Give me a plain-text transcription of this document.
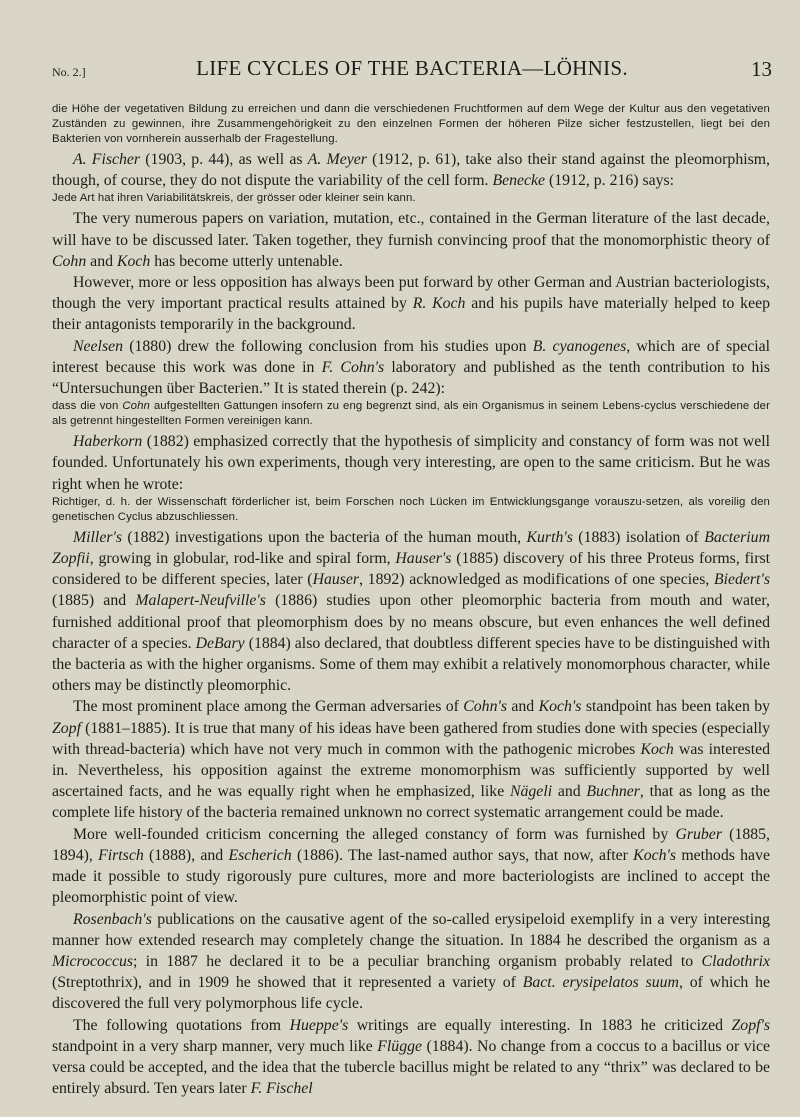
No. 2.]	LIFE CYCLES OF THE BACTERIA—LÖHNIS.	13

die Höhe der vegetativen Bildung zu erreichen und dann die verschiedenen Fruchtformen auf dem Wege der Kultur aus den vegetativen Zuständen zu gewinnen, ihre Zusammengehörigkeit zu den einzelnen Formen der höheren Pilze sicher festzustellen, liegt bei den Bakterien von vornherein ausserhalb der Fragestellung.

A. Fischer (1903, p. 44), as well as A. Meyer (1912, p. 61), take also their stand against the pleomorphism, though, of course, they do not dispute the variability of the cell form. Benecke (1912, p. 216) says:

Jede Art hat ihren Variabilitätskreis, der grösser oder kleiner sein kann.

The very numerous papers on variation, mutation, etc., contained in the German literature of the last decade, will have to be discussed later. Taken together, they furnish convincing proof that the monomorphistic theory of Cohn and Koch has become utterly untenable.

However, more or less opposition has always been put forward by other German and Austrian bacteriologists, though the very important practical results attained by R. Koch and his pupils have materially helped to keep their antagonists temporarily in the background.

Neelsen (1880) drew the following conclusion from his studies upon B. cyanogenes, which are of special interest because this work was done in F. Cohn's laboratory and published as the tenth contribution to his “Untersuchungen über Bacterien.” It is stated therein (p. 242):

dass die von Cohn aufgestellten Gattungen insofern zu eng begrenzt sind, als ein Organismus in seinem Lebens-cyclus verschiedene der als getrennt hingestellten Formen vereinigen kann.

Haberkorn (1882) emphasized correctly that the hypothesis of simplicity and constancy of form was not well founded. Unfortunately his own experiments, though very interesting, are open to the same criticism. But he was right when he wrote:

Richtiger, d. h. der Wissenschaft förderlicher ist, beim Forschen noch Lücken im Entwicklungsgange vorauszu-setzen, als voreilig den genetischen Cyclus abzuschliessen.

Miller's (1882) investigations upon the bacteria of the human mouth, Kurth's (1883) isolation of Bacterium Zopfii, growing in globular, rod-like and spiral form, Hauser's (1885) discovery of his three Proteus forms, first considered to be different species, later (Hauser, 1892) acknowledged as modifications of one species, Biedert's (1885) and Malapert-Neufville's (1886) studies upon other pleomorphic bacteria from mouth and water, furnished additional proof that pleomorphism does by no means obscure, but even enhances the well defined character of a species. DeBary (1884) also declared, that doubtless different species have to be distinguished with the bacteria as with the higher organisms. Some of them may exhibit a relatively monomorphous character, while others may be distinctly pleomorphic.

The most prominent place among the German adversaries of Cohn's and Koch's standpoint has been taken by Zopf (1881–1885). It is true that many of his ideas have been gathered from studies done with species (especially with thread-bacteria) which have not very much in common with the pathogenic microbes Koch was interested in. Nevertheless, his opposition against the extreme monomorphism was sufficiently supported by well ascertained facts, and he was equally right when he emphasized, like Nägeli and Buchner, that as long as the complete life history of the bacteria remained unknown no correct systematic arrangement could be made.

More well-founded criticism concerning the alleged constancy of form was furnished by Gruber (1885, 1894), Firtsch (1888), and Escherich (1886). The last-named author says, that now, after Koch's methods have made it possible to study rigorously pure cultures, more and more bacteriologists are inclined to accept the pleomorphistic point of view.

Rosenbach's publications on the causative agent of the so-called erysipeloid exemplify in a very interesting manner how extended research may completely change the situation. In 1884 he described the organism as a Micrococcus; in 1887 he declared it to be a peculiar branching organism probably related to Cladothrix (Streptothrix), and in 1909 he showed that it represented a variety of Bact. erysipelatos suum, of which he discovered the full very polymorphous life cycle.

The following quotations from Hueppe's writings are equally interesting. In 1883 he criticized Zopf's standpoint in a very sharp manner, very much like Flügge (1884). No change from a coccus to a bacillus or vice versa could be accepted, and the idea that the tubercle bacillus might be related to any “thrix” was declared to be entirely absurd. Ten years later F. Fischel
